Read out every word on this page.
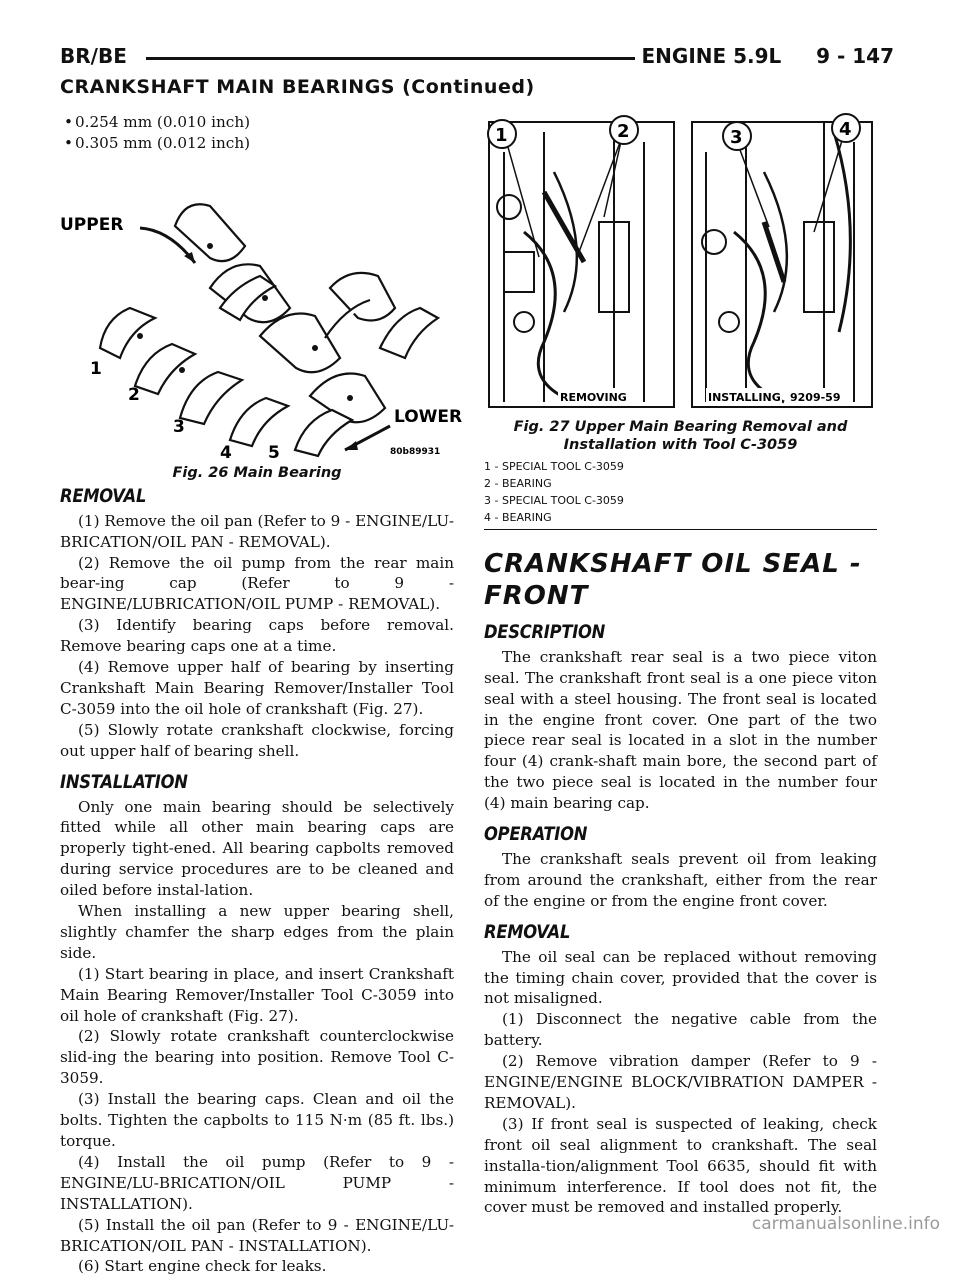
BR/BE	ENGINE 5.9L     9 - 147
CRANKSHAFT MAIN BEARINGS (Continued)
• 0.254 mm (0.010 inch)
• 0.305 mm (0.012 inch)
UPPER
LOWER
1
2
3
4 5	80b89931
Fig. 26 Main Bearing
REMOVAL

(1) Remove the oil pan (Refer to 9 - ENGINE/LU-BRICATION/OIL PAN - REMOVAL).

(2) Remove the oil pump from the rear main bear-ing cap (Refer to 9 - ENGINE/LUBRICATION/OIL PUMP - REMOVAL).

(3) Identify bearing caps before removal. Remove bearing caps one at a time.

(4) Remove upper half of bearing by inserting Crankshaft Main Bearing Remover/Installer Tool C-3059 into the oil hole of crankshaft (Fig. 27).

(5) Slowly rotate crankshaft clockwise, forcing out upper half of bearing shell.

INSTALLATION

Only one main bearing should be selectively fitted while all other main bearing caps are properly tight-ened. All bearing capbolts removed during service procedures are to be cleaned and oiled before instal-lation.

When installing a new upper bearing shell, slightly chamfer the sharp edges from the plain side.

(1) Start bearing in place, and insert Crankshaft Main Bearing Remover/Installer Tool C-3059 into oil hole of crankshaft (Fig. 27).

(2) Slowly rotate crankshaft counterclockwise slid-ing the bearing into position. Remove Tool C-3059.

(3) Install the bearing caps. Clean and oil the bolts. Tighten the capbolts to 115 N·m (85 ft. lbs.) torque.

(4) Install the oil pump (Refer to 9 - ENGINE/LU-BRICATION/OIL PUMP - INSTALLATION).

(5) Install the oil pan (Refer to 9 - ENGINE/LU-BRICATION/OIL PAN - INSTALLATION).

(6) Start engine check for leaks.

1	2	3	4
REMOVING	INSTALLING 9209-59
Fig. 27 Upper Main Bearing Removal and
Installation with Tool C-3059
1 - SPECIAL TOOL C-3059
2 - BEARING
3 - SPECIAL TOOL C-3059
4 - BEARING
CRANKSHAFT OIL SEAL - FRONT
DESCRIPTION

The crankshaft rear seal is a two piece viton seal. The crankshaft front seal is a one piece viton seal with a steel housing. The front seal is located in the engine front cover. One part of the two piece rear seal is located in a slot in the number four (4) crank-shaft main bore, the second part of the two piece seal is located in the number four (4) main bearing cap.

OPERATION

The crankshaft seals prevent oil from leaking from around the crankshaft, either from the rear of the engine or from the engine front cover.

REMOVAL

The oil seal can be replaced without removing the timing chain cover, provided that the cover is not misaligned.

(1) Disconnect the negative cable from the battery.

(2) Remove vibration damper (Refer to 9 - ENGINE/ENGINE BLOCK/VIBRATION DAMPER - REMOVAL).

(3) If front seal is suspected of leaking, check front oil seal alignment to crankshaft. The seal installa-tion/alignment Tool 6635, should fit with minimum interference. If tool does not fit, the cover must be removed and installed properly.

carmanualsonline.info
